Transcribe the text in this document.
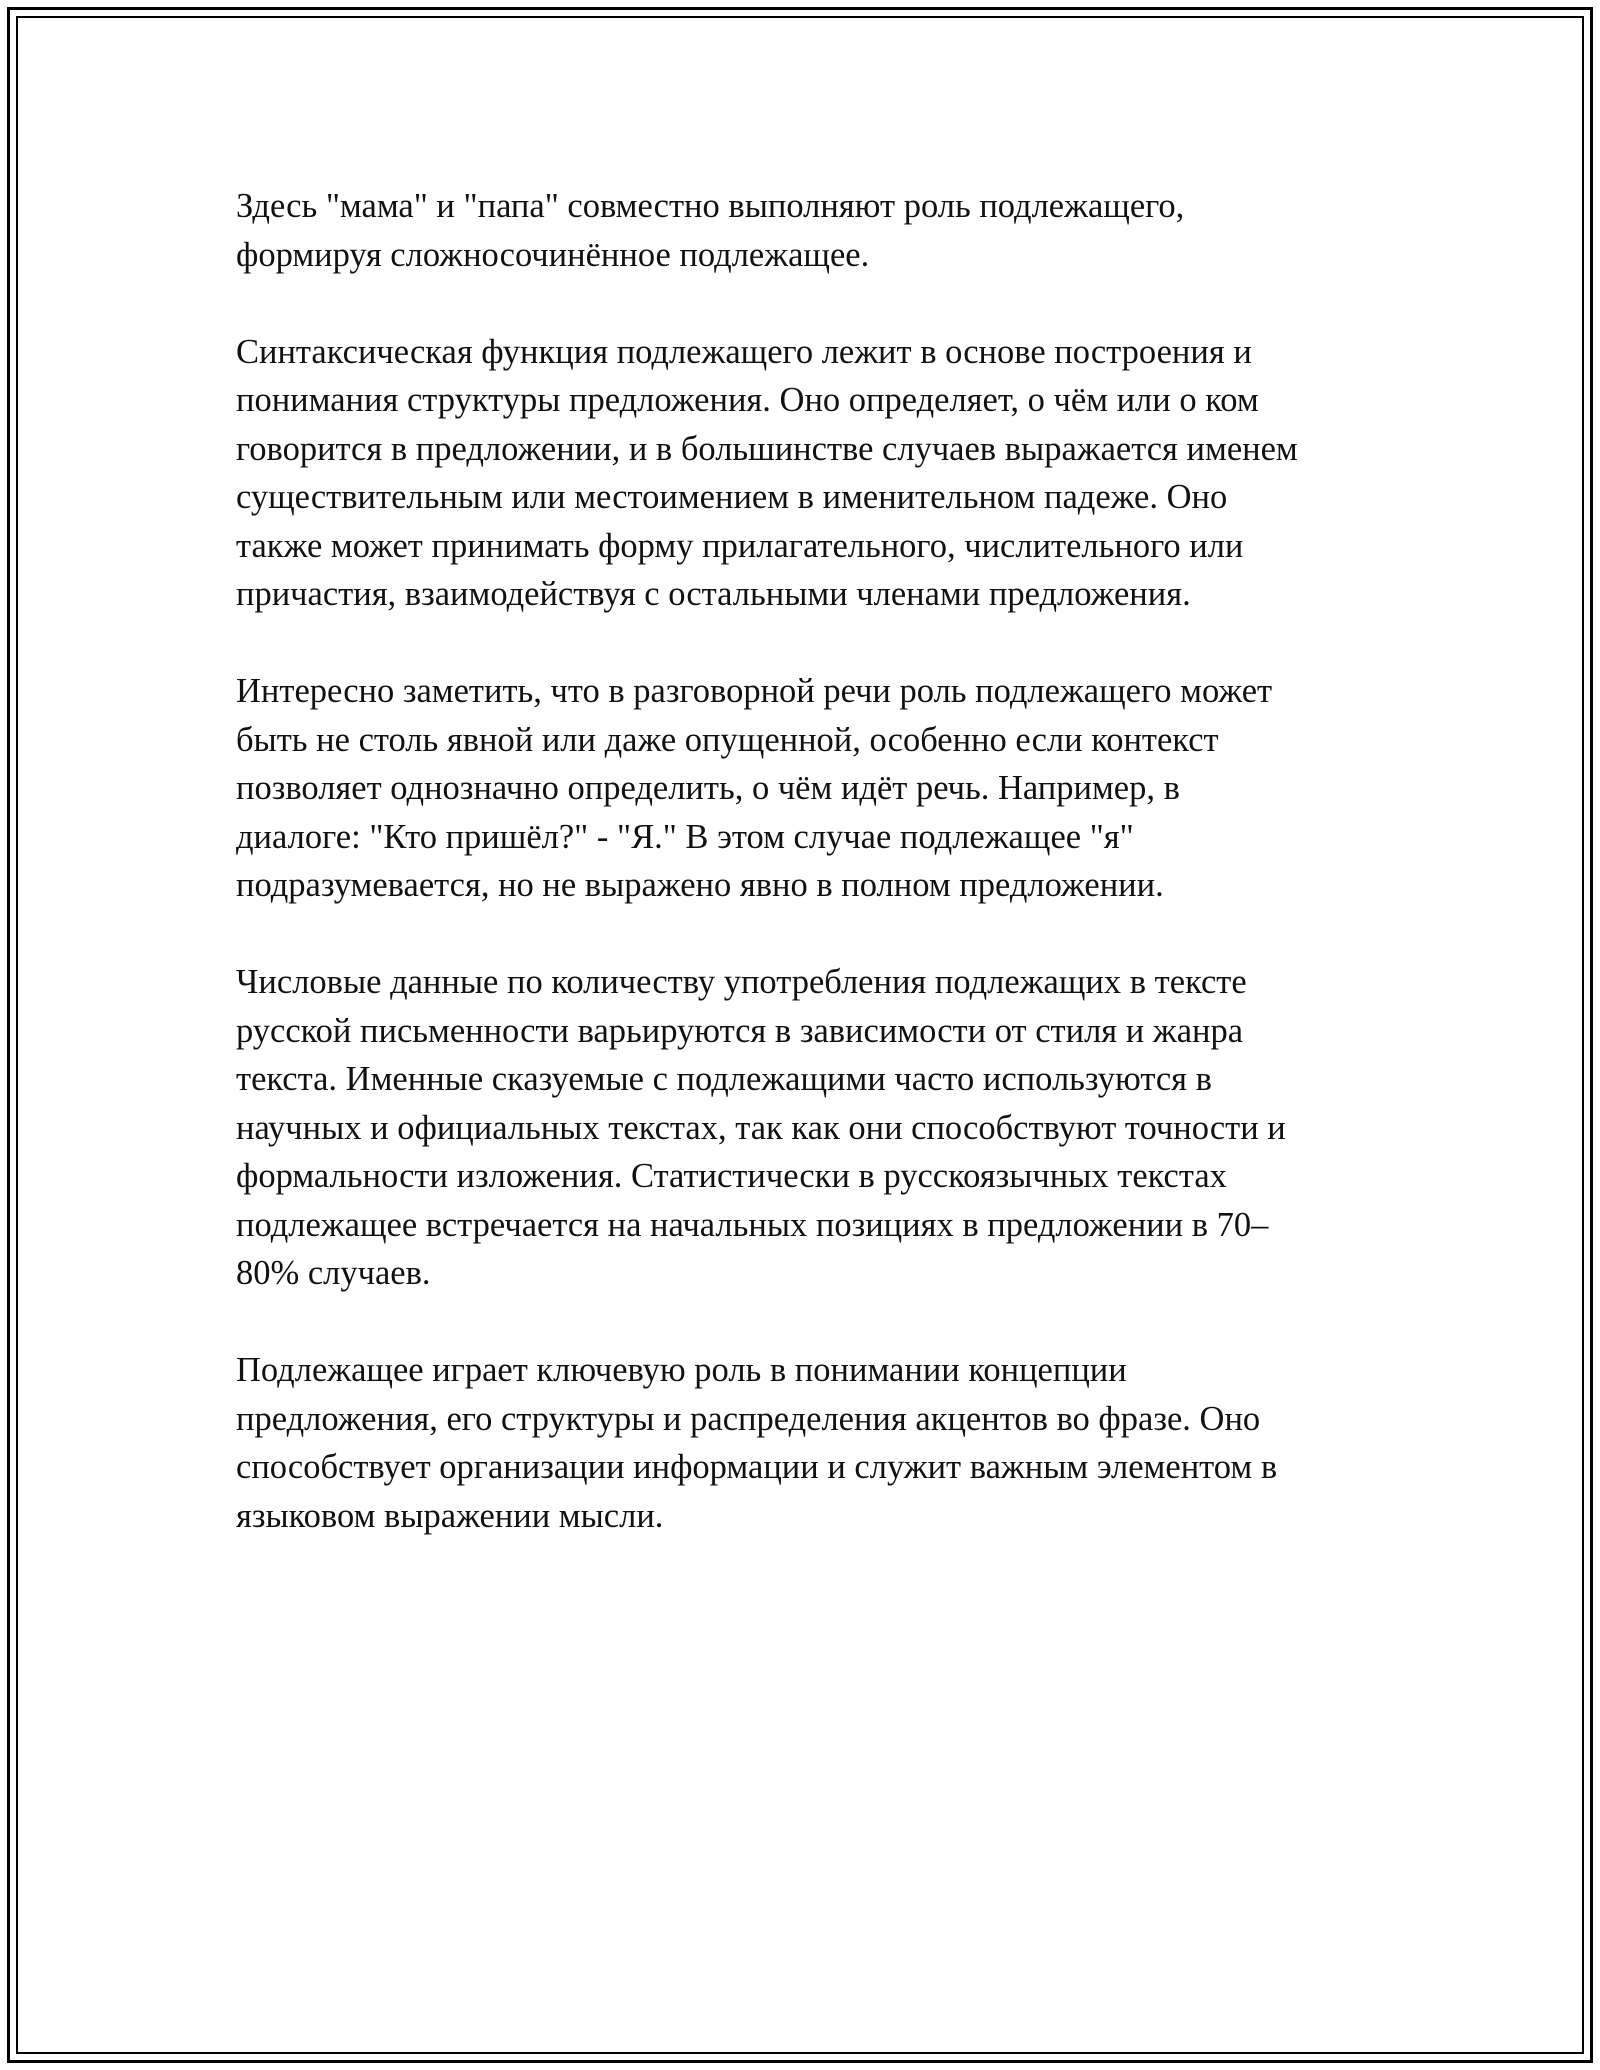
Здесь "мама" и "папа" совместно выполняют роль подлежащего,
формируя сложносочинённое подлежащее.

Синтаксическая функция подлежащего лежит в основе построения и
понимания структуры предложения. Оно определяет, о чём или о ком
говорится в предложении, и в большинстве случаев выражается именем
существительным или местоимением в именительном падеже. Оно
также может принимать форму прилагательного, числительного или
причастия, взаимодействуя с остальными членами предложения.

Интересно заметить, что в разговорной речи роль подлежащего может
быть не столь явной или даже опущенной, особенно если контекст
позволяет однозначно определить, о чём идёт речь. Например, в
диалоге: "Кто пришёл?" - "Я." В этом случае подлежащее "я"
подразумевается, но не выражено явно в полном предложении.

Числовые данные по количеству употребления подлежащих в тексте
русской письменности варьируются в зависимости от стиля и жанра
текста. Именные сказуемые с подлежащими часто используются в
научных и официальных текстах, так как они способствуют точности и
формальности изложения. Статистически в русскоязычных текстах
подлежащее встречается на начальных позициях в предложении в 70–
80% случаев.

Подлежащее играет ключевую роль в понимании концепции
предложения, его структуры и распределения акцентов во фразе. Оно
способствует организации информации и служит важным элементом в
языковом выражении мысли.
